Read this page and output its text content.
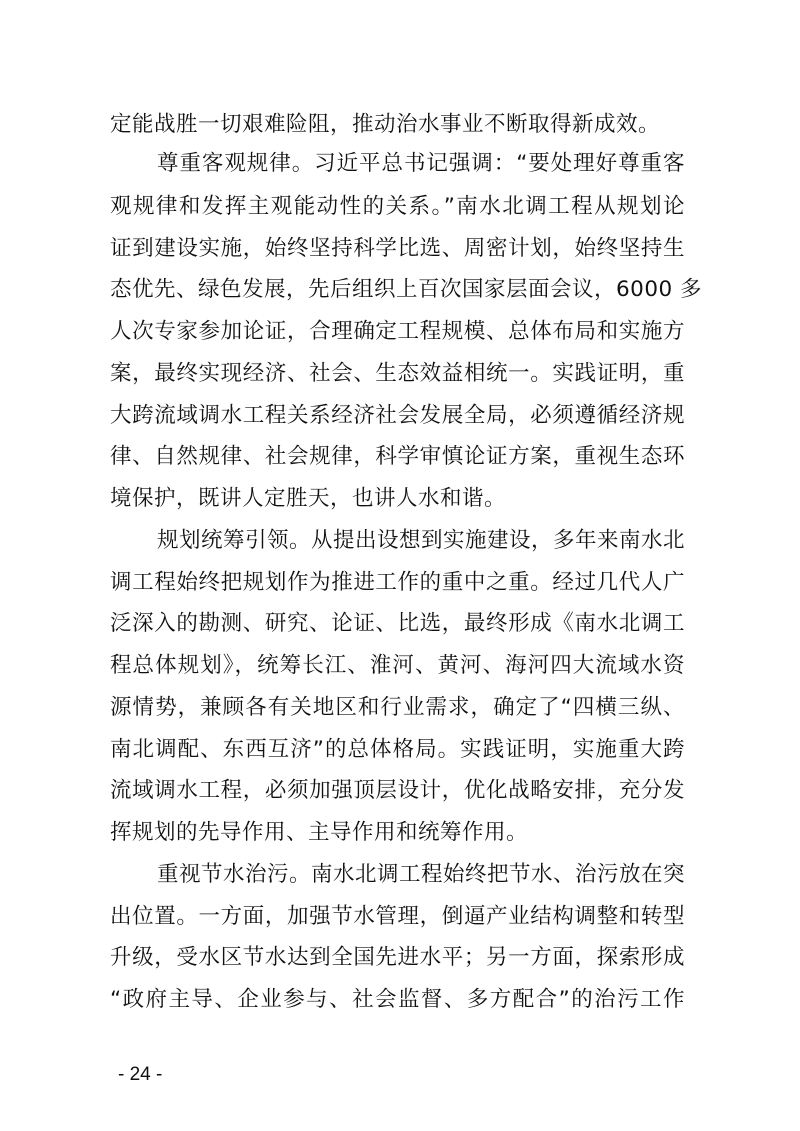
定能战胜一切艰难险阻，推动治水事业不断取得新成效。
尊重客观规律。习近平总书记强调：“要处理好尊重客
观规律和发挥主观能动性的关系。”南水北调工程从规划论
证到建设实施，始终坚持科学比选、周密计划，始终坚持生
态优先、绿色发展，先后组织上百次国家层面会议，6000 多
人次专家参加论证，合理确定工程规模、总体布局和实施方
案，最终实现经济、社会、生态效益相统一。实践证明，重
大跨流域调水工程关系经济社会发展全局，必须遵循经济规
律、自然规律、社会规律，科学审慎论证方案，重视生态环
境保护，既讲人定胜天，也讲人水和谐。
规划统筹引领。从提出设想到实施建设，多年来南水北
调工程始终把规划作为推进工作的重中之重。经过几代人广
泛深入的勘测、研究、论证、比选，最终形成《南水北调工
程总体规划》，统筹长江、淮河、黄河、海河四大流域水资
源情势，兼顾各有关地区和行业需求，确定了“四横三纵、
南北调配、东西互济”的总体格局。实践证明，实施重大跨
流域调水工程，必须加强顶层设计，优化战略安排，充分发
挥规划的先导作用、主导作用和统筹作用。
重视节水治污。南水北调工程始终把节水、治污放在突
出位置。一方面，加强节水管理，倒逼产业结构调整和转型
升级，受水区节水达到全国先进水平；另一方面，探索形成
“政府主导、企业参与、社会监督、多方配合”的治污工作
- 24 -
